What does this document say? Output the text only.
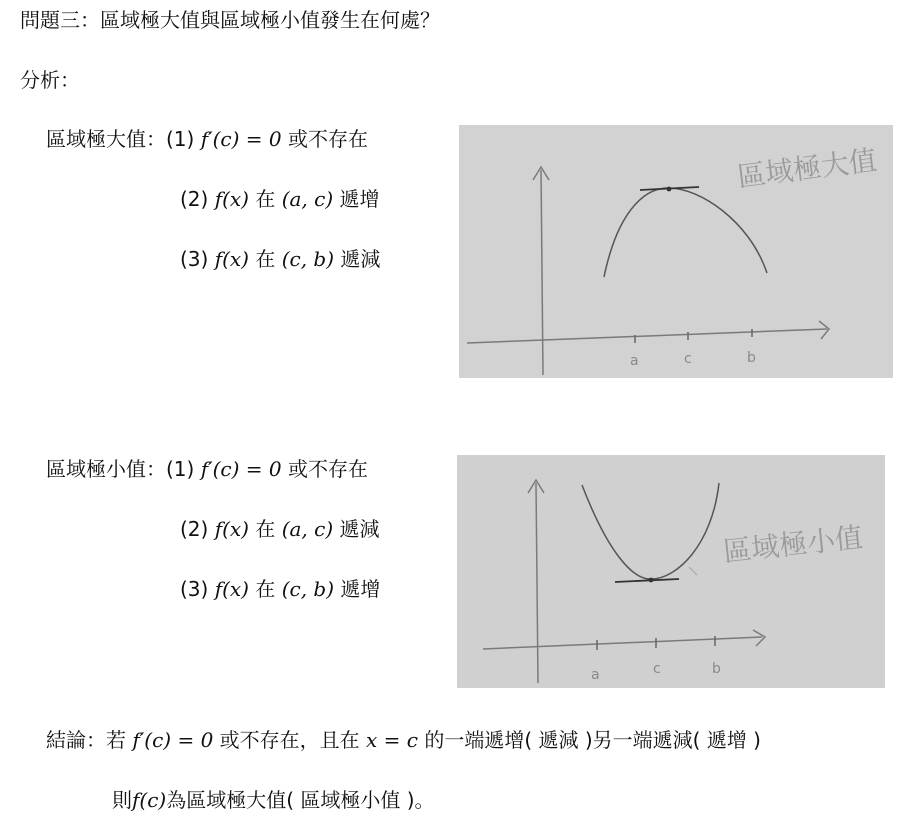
問題三：區域極大值與區域極小值發生在何處？
分析：
區域極大值：(1) f′(c) = 0 或不存在
(2) f(x) 在 (a, c) 遞增
(3) f(x) 在 (c, b) 遞減
a	c	b
區域極大值
區域極小值：(1) f′(c) = 0 或不存在
(2) f(x) 在 (a, c) 遞減
(3) f(x) 在 (c, b) 遞增
a	c	b
區域極小值
結論：若 f′(c) = 0 或不存在，且在 x = c 的一端遞增( 遞減 )另一端遞減( 遞增 )
則f(c)為區域極大值( 區域極小值 )。
